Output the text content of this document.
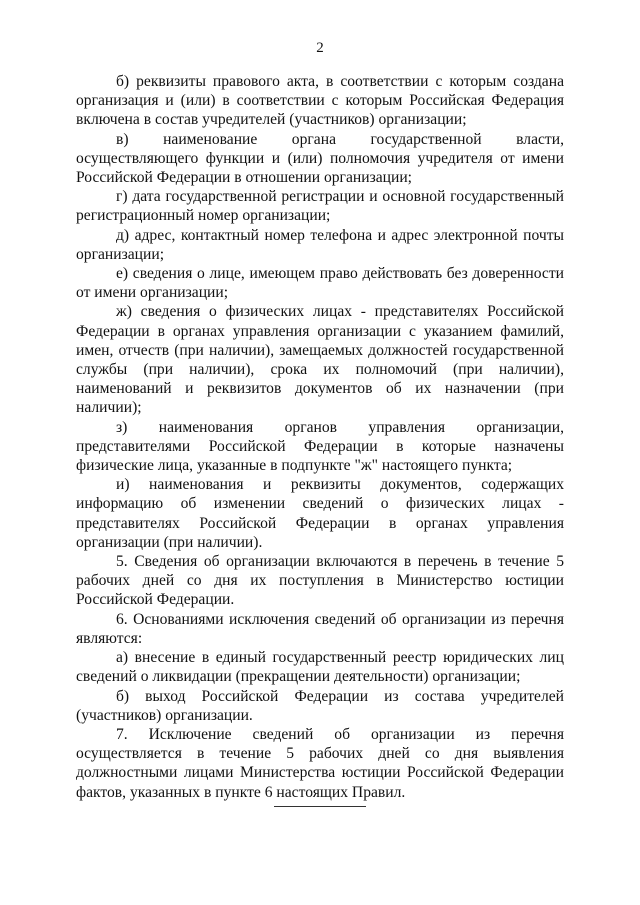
2

б) реквизиты правового акта, в соответствии с которым создана организация и (или) в соответствии с которым Российская Федерация включена в состав учредителей (участников) организации;

в) наименование органа государственной власти, осуществляющего функции и (или) полномочия учредителя от имени Российской Федерации в отношении организации;

г) дата государственной регистрации и основной государственный регистрационный номер организации;

д) адрес, контактный номер телефона и адрес электронной почты организации;

е) сведения о лице, имеющем право действовать без доверенности от имени организации;

ж) сведения о физических лицах - представителях Российской Федерации в органах управления организации с указанием фамилий, имен, отчеств (при наличии), замещаемых должностей государственной службы (при наличии), срока их полномочий (при наличии), наименований и реквизитов документов об их назначении (при наличии);

з) наименования органов управления организации, представителями Российской Федерации в которые назначены физические лица, указанные в подпункте "ж" настоящего пункта;

и) наименования и реквизиты документов, содержащих информацию об изменении сведений о физических лицах - представителях Российской Федерации в органах управления организации (при наличии).

5. Сведения об организации включаются в перечень в течение 5 рабочих дней со дня их поступления в Министерство юстиции Российской Федерации.

6. Основаниями исключения сведений об организации из перечня являются:

а) внесение в единый государственный реестр юридических лиц сведений о ликвидации (прекращении деятельности) организации;

б) выход Российской Федерации из состава учредителей (участников) организации.

7. Исключение сведений об организации из перечня осуществляется в течение 5 рабочих дней со дня выявления должностными лицами Министерства юстиции Российской Федерации фактов, указанных в пункте 6 настоящих Правил.
